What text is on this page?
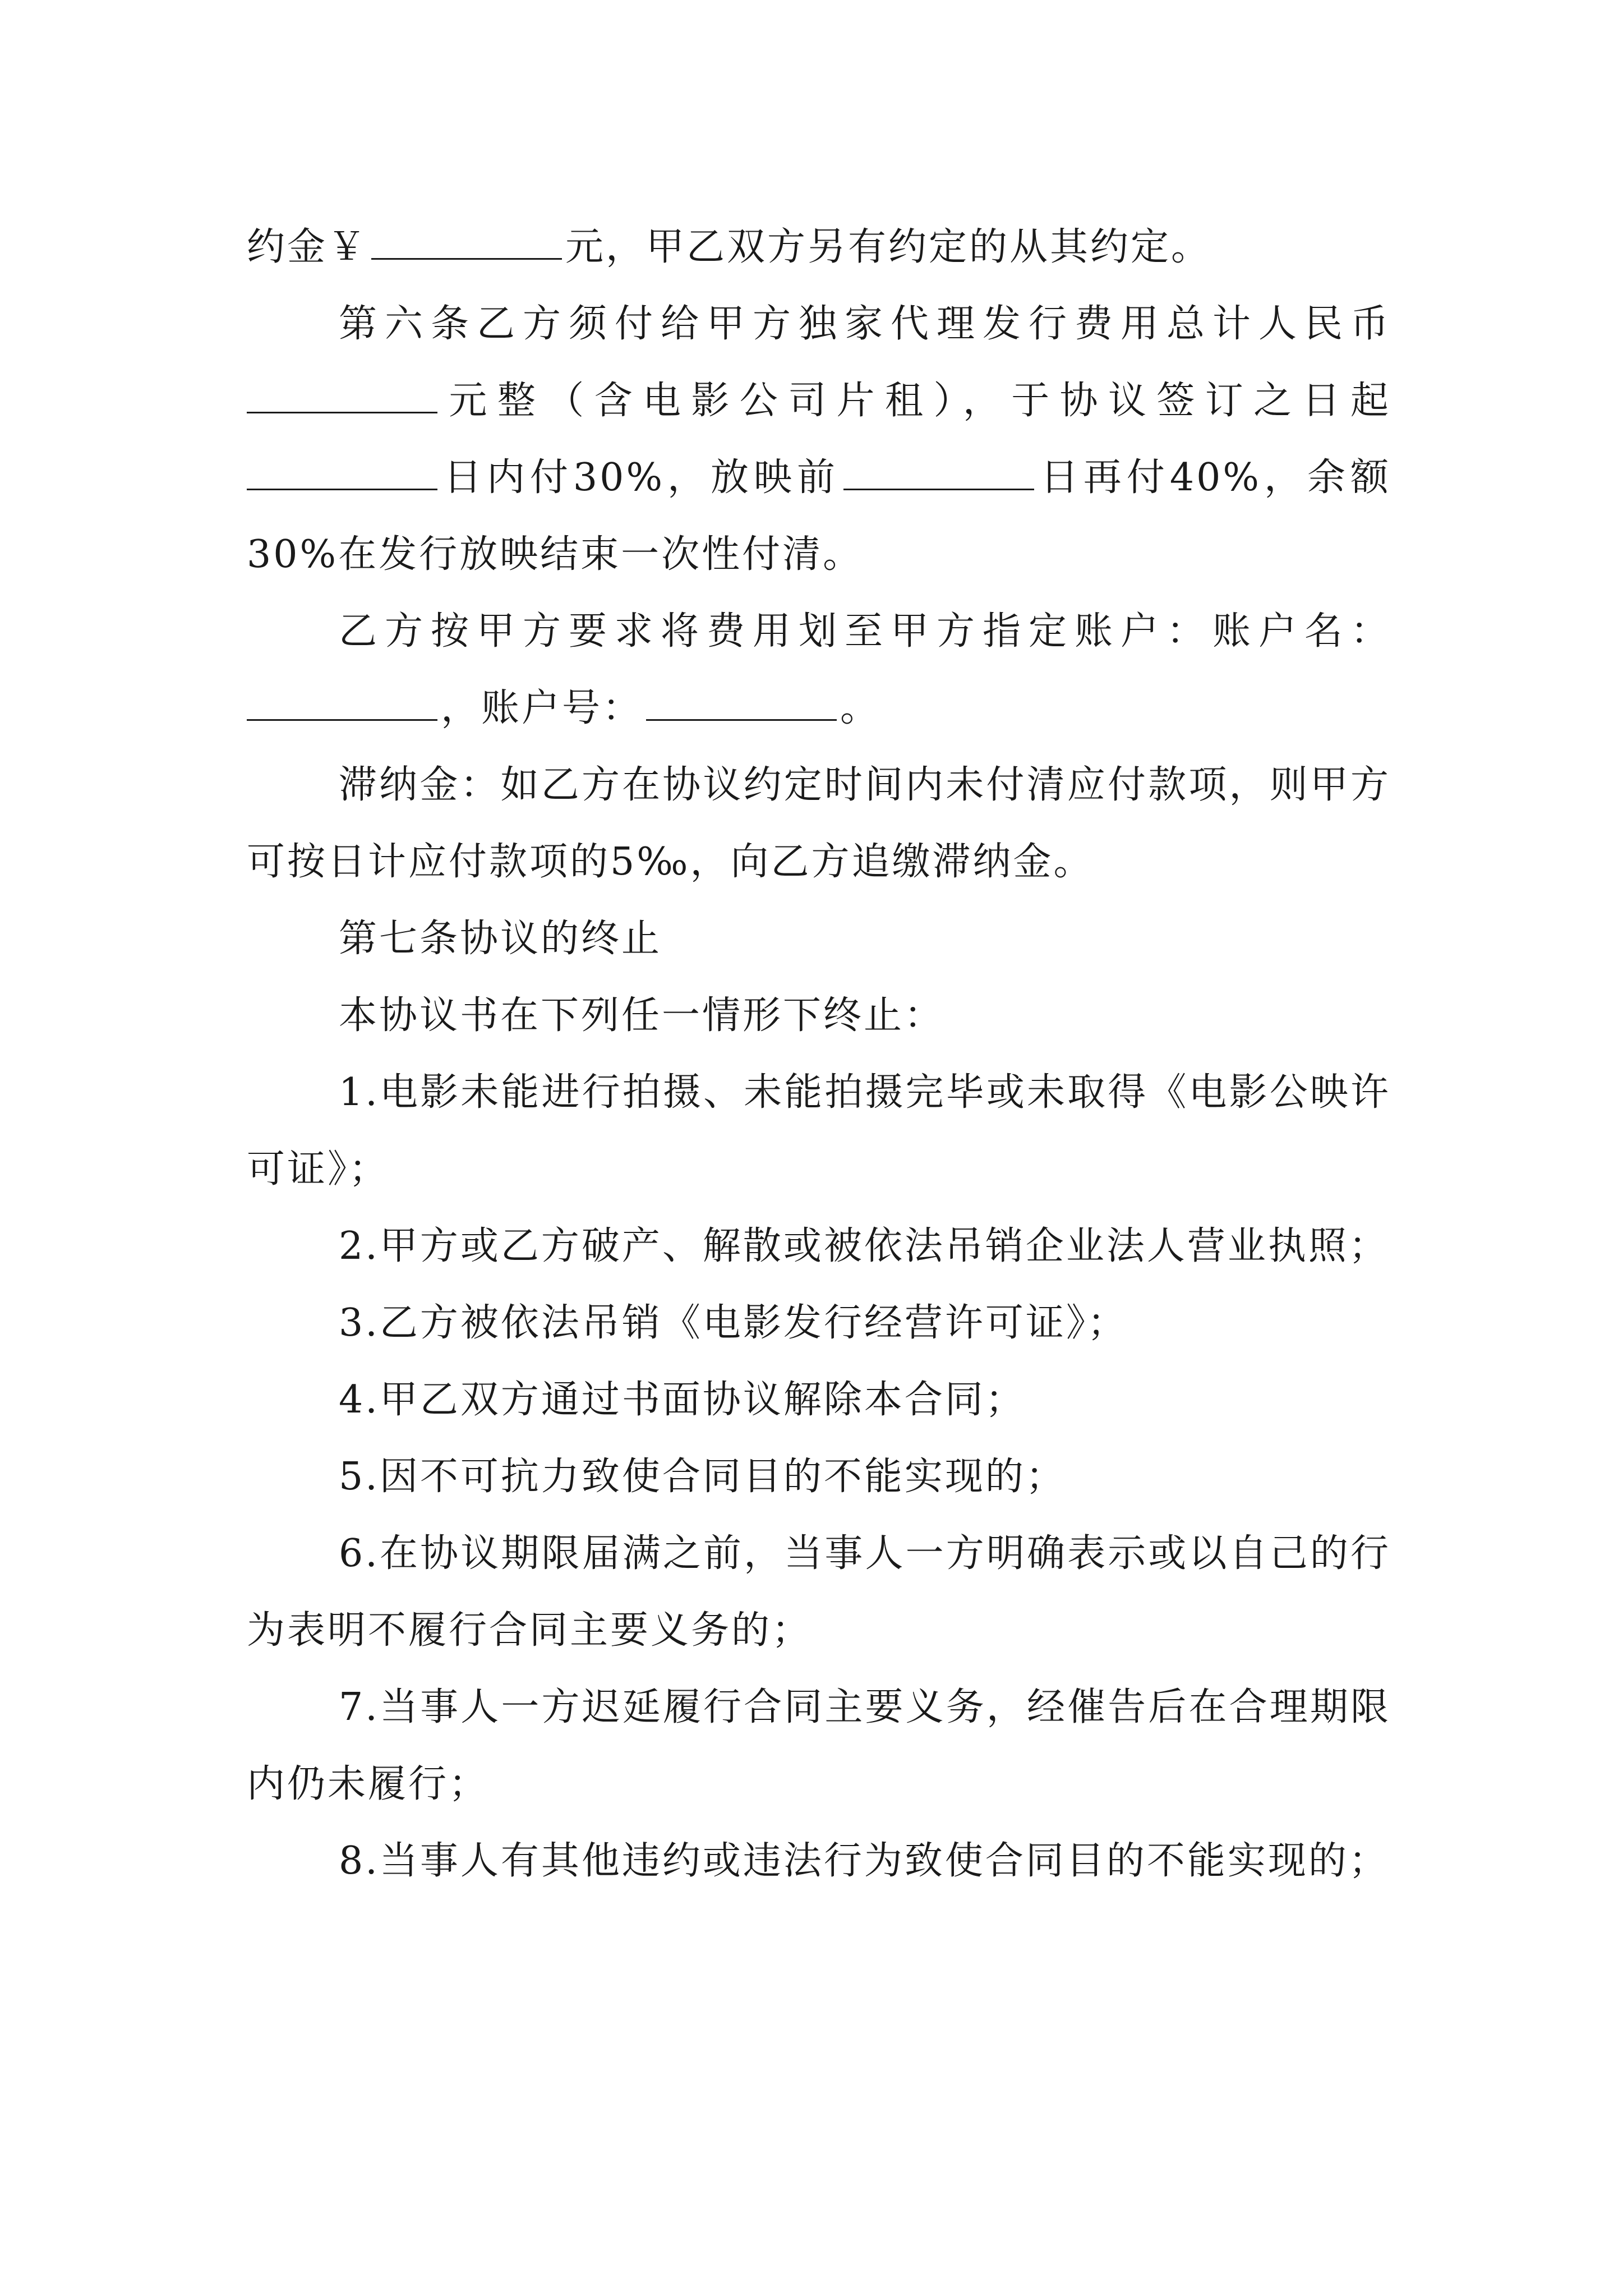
约金￥	元，甲乙双方另有约定的从其约定。

第六条乙方须付给甲方独家代理发行费用总计人民币元整（含电影公司片租），于协议签订之日起日内付30%，放映前	日再付40%，余额30%在发行放映结束一次性付清。

乙方按甲方要求将费用划至甲方指定账户：账户名：，账户号：	。

滞纳金：如乙方在协议约定时间内未付清应付款项，则甲方可按日计应付款项的5‰，向乙方追缴滞纳金。

第七条协议的终止

本协议书在下列任一情形下终止：

1.电影未能进行拍摄、未能拍摄完毕或未取得《电影公映许可证》；

2.甲方或乙方破产、解散或被依法吊销企业法人营业执照；

3.乙方被依法吊销《电影发行经营许可证》；

4.甲乙双方通过书面协议解除本合同；

5.因不可抗力致使合同目的不能实现的；

6.在协议期限届满之前，当事人一方明确表示或以自己的行为表明不履行合同主要义务的；

7.当事人一方迟延履行合同主要义务，经催告后在合理期限内仍未履行；

8.当事人有其他违约或违法行为致使合同目的不能实现的；
